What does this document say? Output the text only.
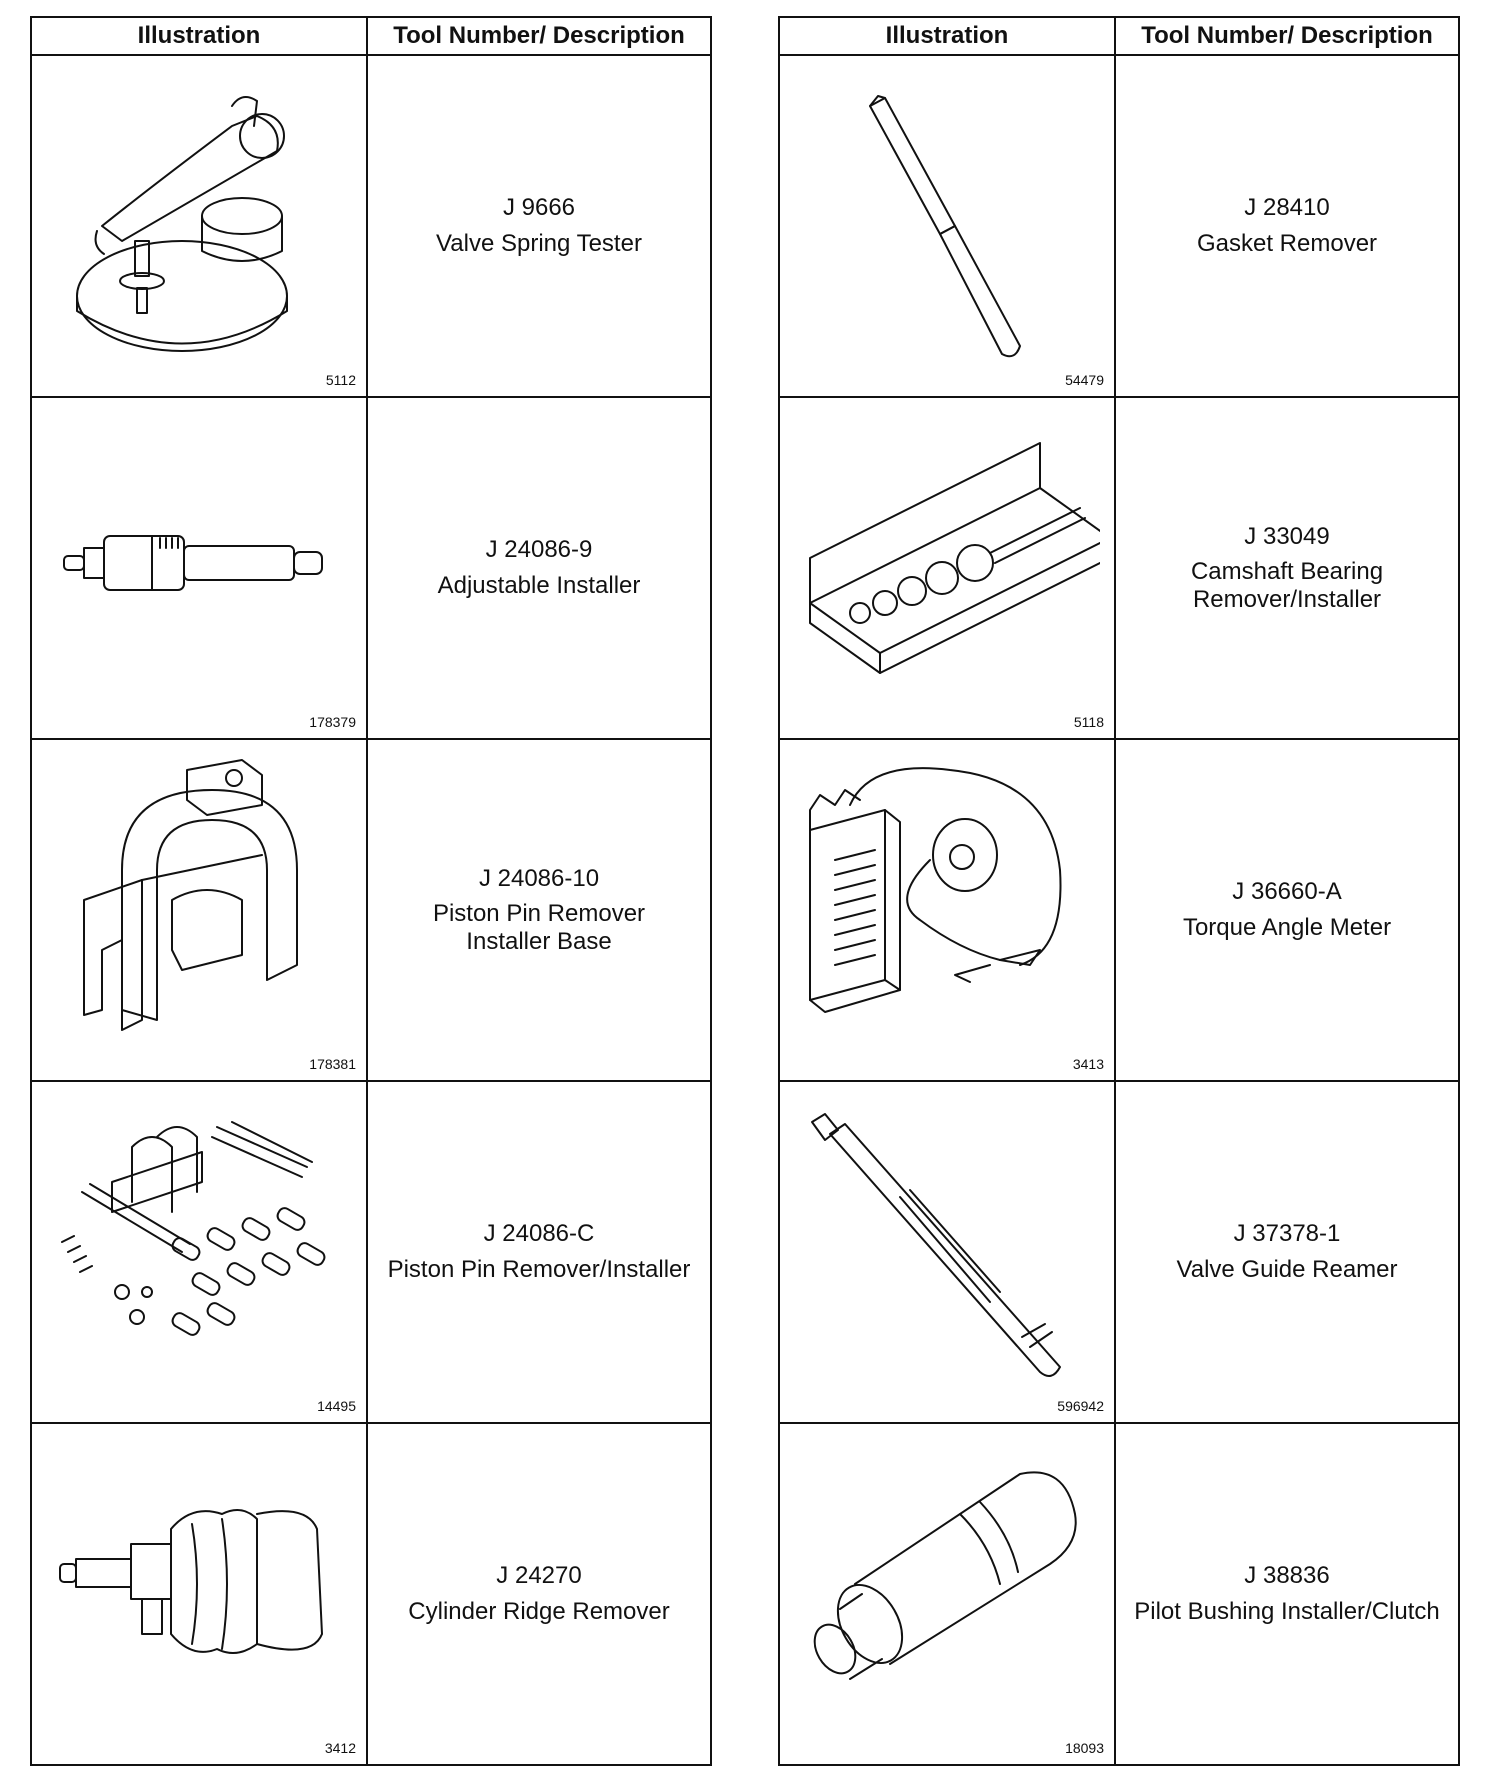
Illustration	Tool Number/ Description

5112	J 9666
Valve Spring Tester

178379	J 24086-9
Adjustable Installer

178381	J 24086-10
Piston Pin Remover
Installer Base

14495	J 24086-C
Piston Pin Remover/Installer

3412	J 24270
Cylinder Ridge Remover
Illustration	Tool Number/ Description

54479	J 28410
Gasket Remover

5118	J 33049
Camshaft Bearing
Remover/Installer

3413	J 36660-A
Torque Angle Meter

596942	J 37378-1
Valve Guide Reamer

18093	J 38836
Pilot Bushing Installer/Clutch
